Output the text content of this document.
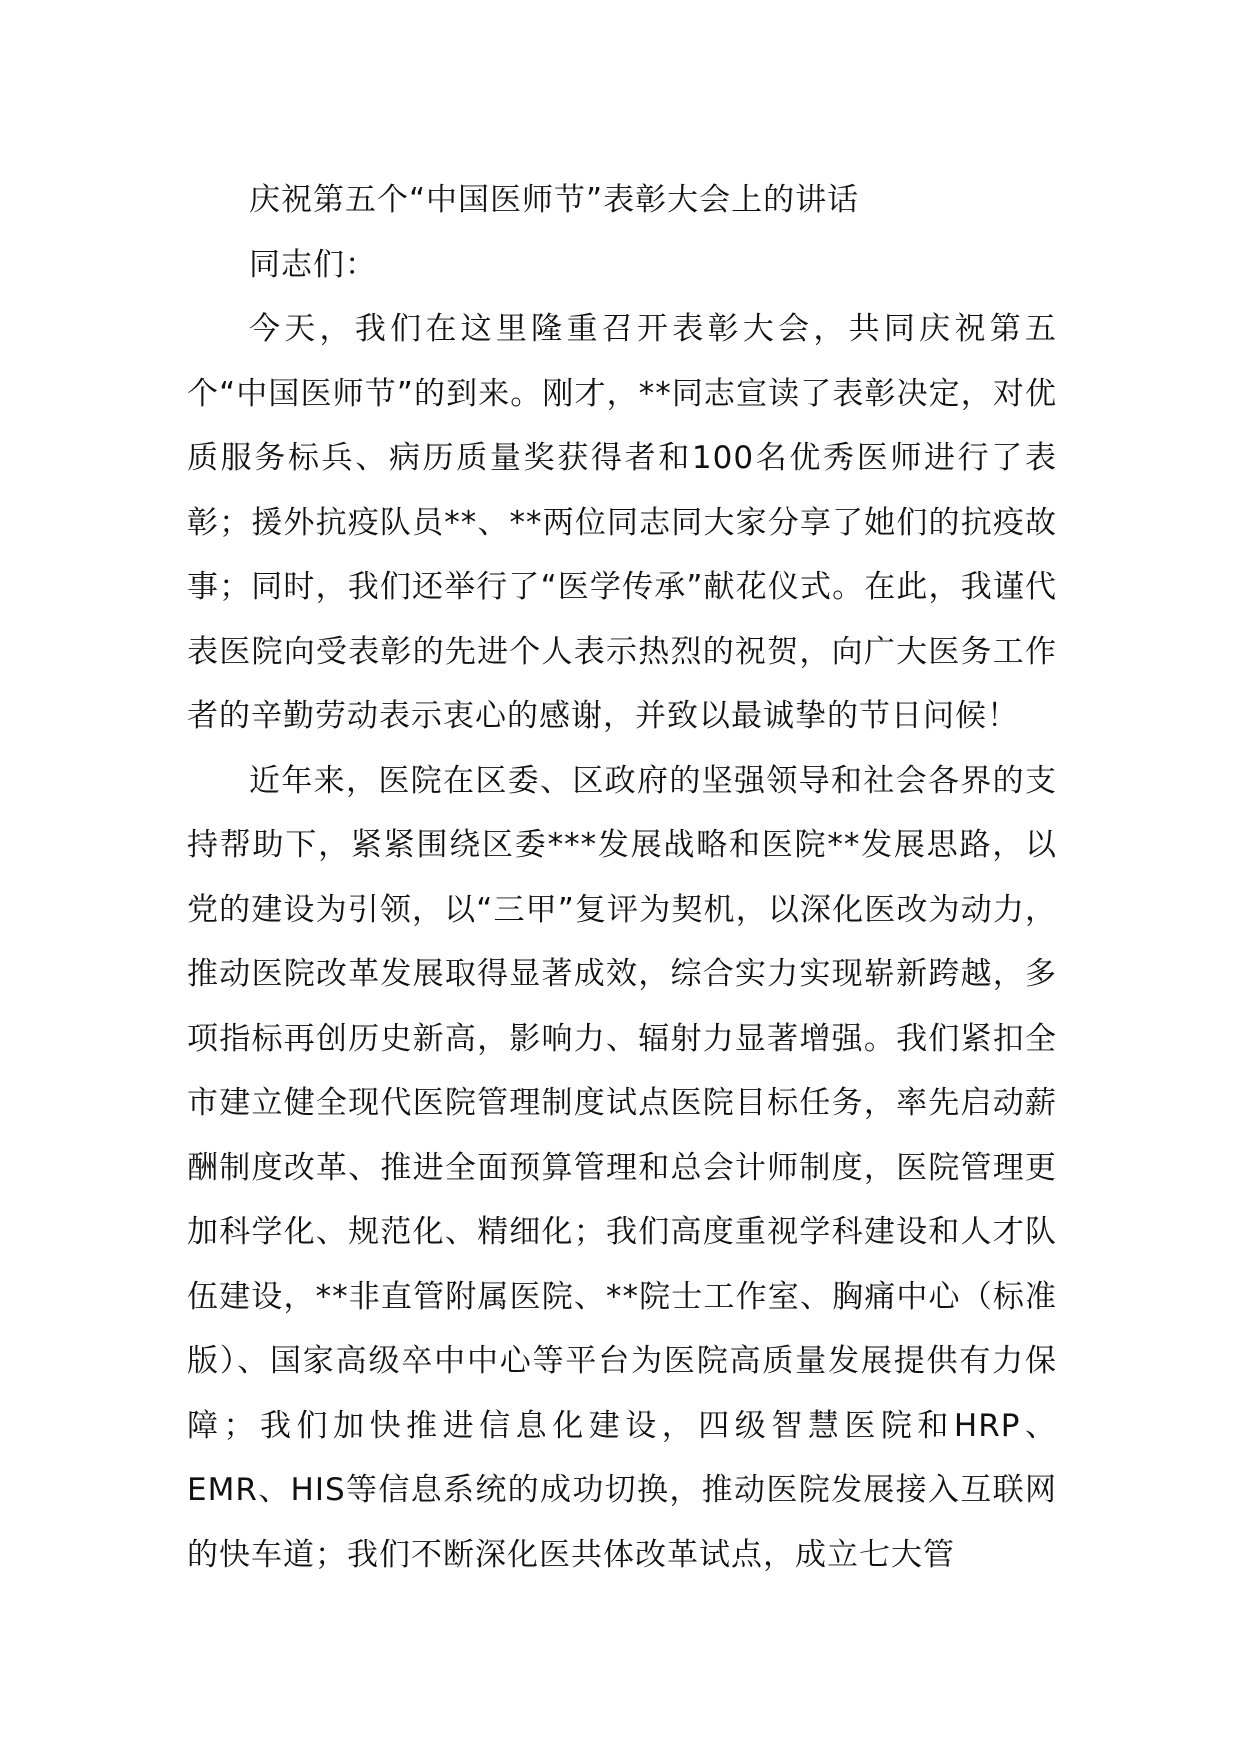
庆祝第五个“中国医师节”表彰大会上的讲话

同志们：

今天，我们在这里隆重召开表彰大会，共同庆祝第五个“中国医师节”的到来。刚才，**同志宣读了表彰决定，对优质服务标兵、病历质量奖获得者和100名优秀医师进行了表彰；援外抗疫队员**、**两位同志同大家分享了她们的抗疫故事；同时，我们还举行了“医学传承”献花仪式。在此，我谨代表医院向受表彰的先进个人表示热烈的祝贺，向广大医务工作者的辛勤劳动表示衷心的感谢，并致以最诚挚的节日问候！

近年来，医院在区委、区政府的坚强领导和社会各界的支持帮助下，紧紧围绕区委***发展战略和医院**发展思路，以党的建设为引领，以“三甲”复评为契机，以深化医改为动力，推动医院改革发展取得显著成效，综合实力实现崭新跨越，多项指标再创历史新高，影响力、辐射力显著增强。我们紧扣全市建立健全现代医院管理制度试点医院目标任务，率先启动薪酬制度改革、推进全面预算管理和总会计师制度，医院管理更加科学化、规范化、精细化；我们高度重视学科建设和人才队伍建设，**非直管附属医院、**院士工作室、胸痛中心（标准版）、国家高级卒中中心等平台为医院高质量发展提供有力保障；我们加快推进信息化建设，四级智慧医院和HRP、EMR、HIS等信息系统的成功切换，推动医院发展接入互联网的快车道；我们不断深化医共体改革试点，成立七大管
